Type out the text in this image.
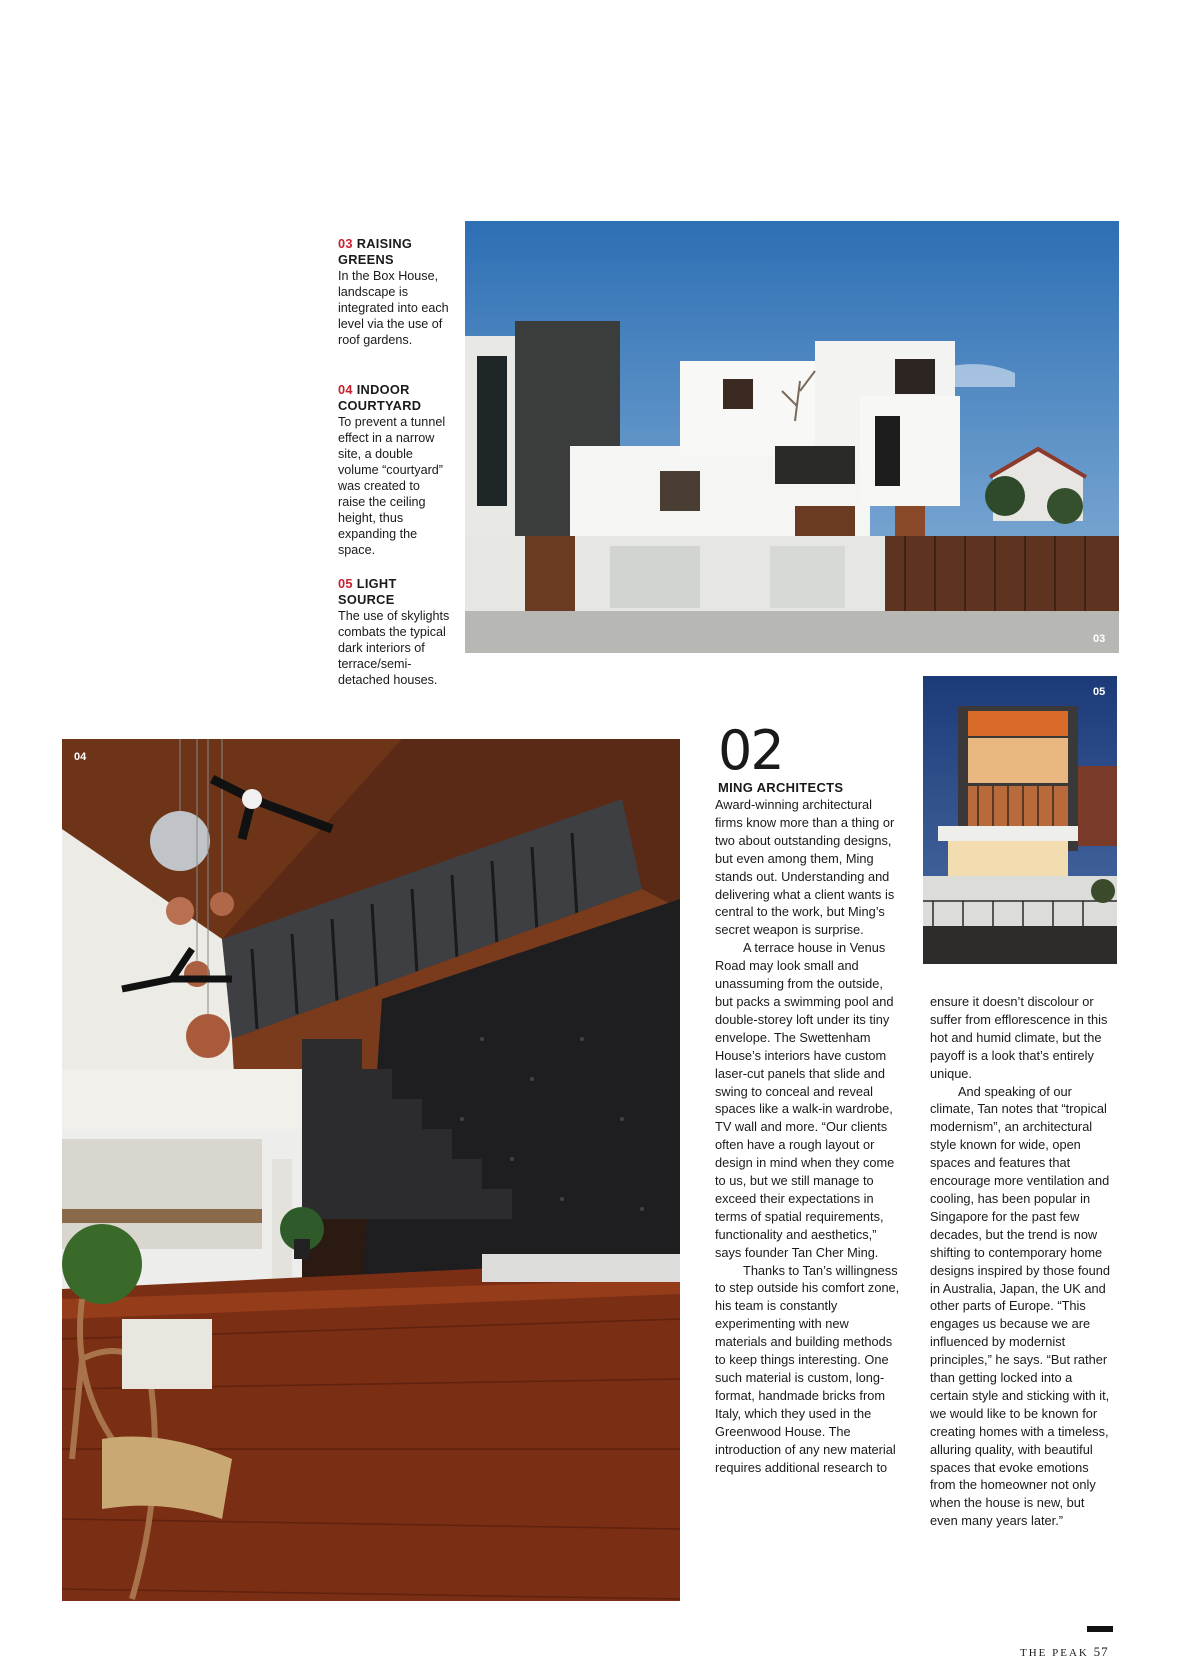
03 RAISING GREENS
In the Box House, landscape is integrated into each level via the use of roof gardens.
04 INDOOR COURTYARD
To prevent a tunnel effect in a narrow site, a double volume “courtyard” was created to raise the ceiling height, thus expanding the space.
05 LIGHT SOURCE
The use of skylights combats the typical dark interiors of terrace/semi-detached houses.
03
05
04	02
MING ARCHITECTS

Award-winning architectural firms know more than a thing or two about outstanding designs, but even among them, Ming stands out. Understanding and delivering what a client wants is central to the work, but Ming’s secret weapon is surprise.

A terrace house in Venus Road may look small and unassuming from the outside, but packs a swimming pool and double-storey loft under its tiny envelope. The Swettenham House’s interiors have custom laser-cut panels that slide and swing to conceal and reveal spaces like a walk-in wardrobe, TV wall and more. “Our clients often have a rough layout or design in mind when they come to us, but we still manage to exceed their expectations in terms of spatial requirements, functionality and aesthetics,” says founder Tan Cher Ming.

Thanks to Tan’s willingness to step outside his comfort zone, his team is constantly experimenting with new materials and building methods to keep things interesting. One such material is custom, long-format, handmade bricks from Italy, which they used in the Greenwood House. The introduction of any new material requires additional research to

ensure it doesn’t discolour or suffer from efflorescence in this hot and humid climate, but the payoff is a look that’s entirely unique.

And speaking of our climate, Tan notes that “tropical modernism”, an architectural style known for wide, open spaces and features that encourage more ventilation and cooling, has been popular in Singapore for the past few decades, but the trend is now shifting to contemporary home designs inspired by those found in Australia, Japan, the UK and other parts of Europe. “This engages us because we are influenced by modernist principles,” he says. “But rather than getting locked into a certain style and sticking with it, we would like to be known for creating homes with a timeless, alluring quality, with beautiful spaces that evoke emotions from the homeowner not only when the house is new, but even many years later.”

THE PEAK 57
